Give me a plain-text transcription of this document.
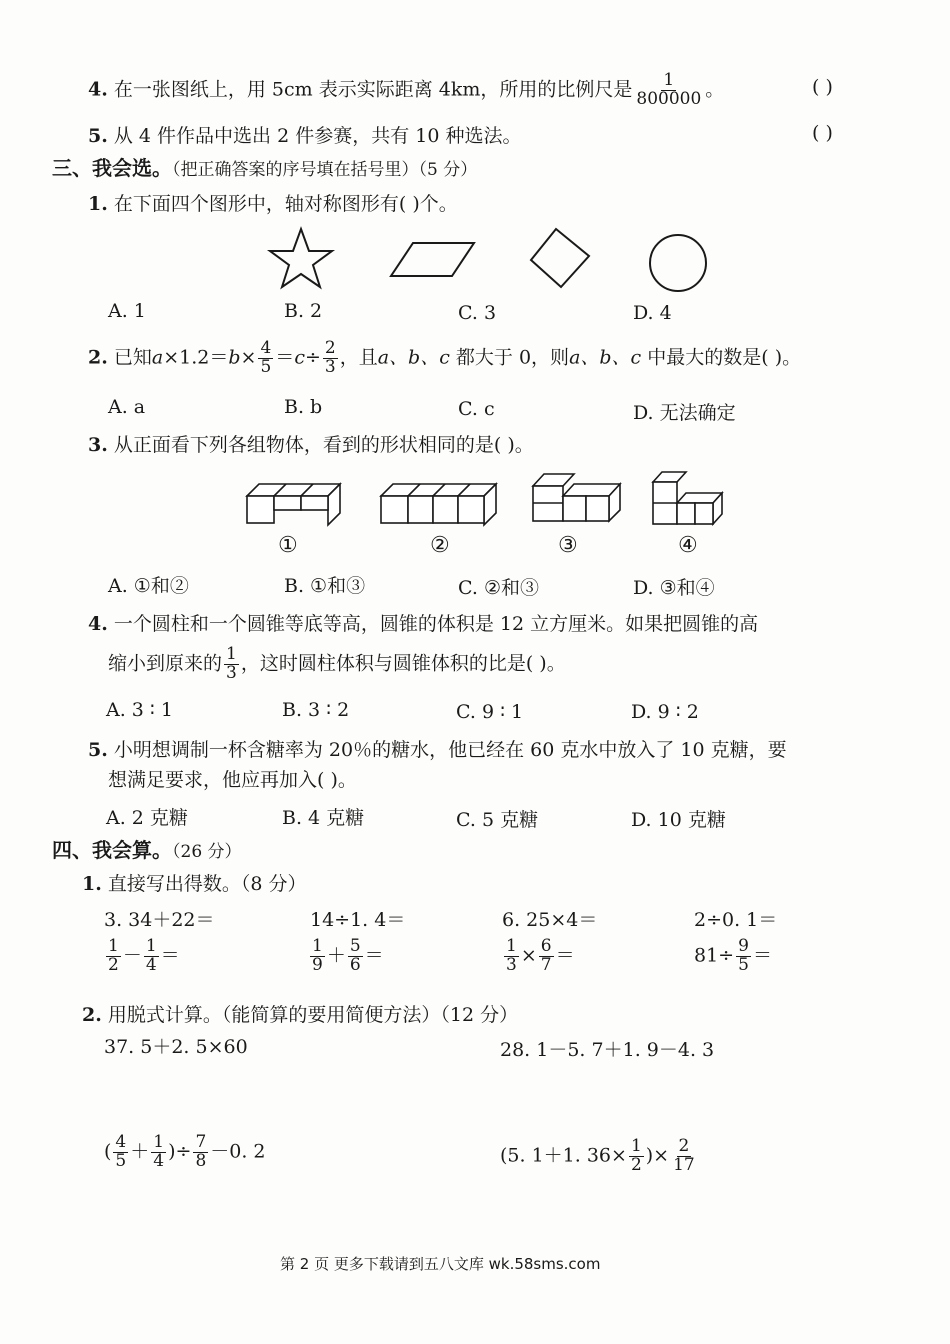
4. 在一张图纸上，用 5cm 表示实际距离 4km，所用的比例尺是 $\frac{1}{800000}$ 。	( )
5. 从 4 件作品中选出 2 件参赛，共有 10 种选法。	( )
三、我会选。（把正确答案的序号填在括号里）（5 分）
1. 在下面四个图形中，轴对称图形有( )个。
A. 1	B. 2	C. 3	D. 4
2. 已知$a\times 1.2=b\times \frac{4}{5} =c\div \frac{2}{3}$ ，且a、b、c 都大于 0，则a、b、c 中最大的数是( )。
A. a	B. b	C. c	D. 无法确定
3. 从正面看下列各组物体，看到的形状相同的是( )。
①	②	③	④
A. ①和②	B. ①和③	C. ②和③	D. ③和④
4. 一个圆柱和一个圆锥等底等高，圆锥的体积是 12 立方厘米。如果把圆锥的高
缩小到原来的 $\frac{1}{3}$ ，这时圆柱体积与圆锥体积的比是( )。
A. 3 ∶ 1	B. 3 ∶ 2	C. 9 ∶ 1	D. 9 ∶ 2
5. 小明想调制一杯含糖率为 20％的糖水，他已经在 60 克水中放入了 10 克糖，要
想满足要求，他应再加入( )。
A. 2 克糖	B. 4 克糖	C. 5 克糖	D. 10 克糖
四、我会算。（26 分）
1. 直接写出得数。（8 分）
3. 34＋22＝	14÷1. 4＝	6. 25×4＝	2÷0. 1＝
$\frac{1}{2} - \frac{1}{4}$ ＝	$\frac{1}{9} + \frac{5}{6}$ ＝	$\frac{1}{3} \times \frac{6}{7}$ ＝	$81\div \frac{9}{5}$ ＝
2. 用脱式计算。（能简算的要用简便方法）（12 分）
37. 5＋2. 5×60	28. 1－5. 7＋1. 9－4. 3
( $\frac{4}{5} + \frac{1}{4}$ )÷ $\frac{7}{8} -0$. 2	(5. 1＋1. $36\times \frac{1}{2}$ )× $\frac{2}{17}$
第 2 页 更多下载请到五八文库 wk.58sms.com
